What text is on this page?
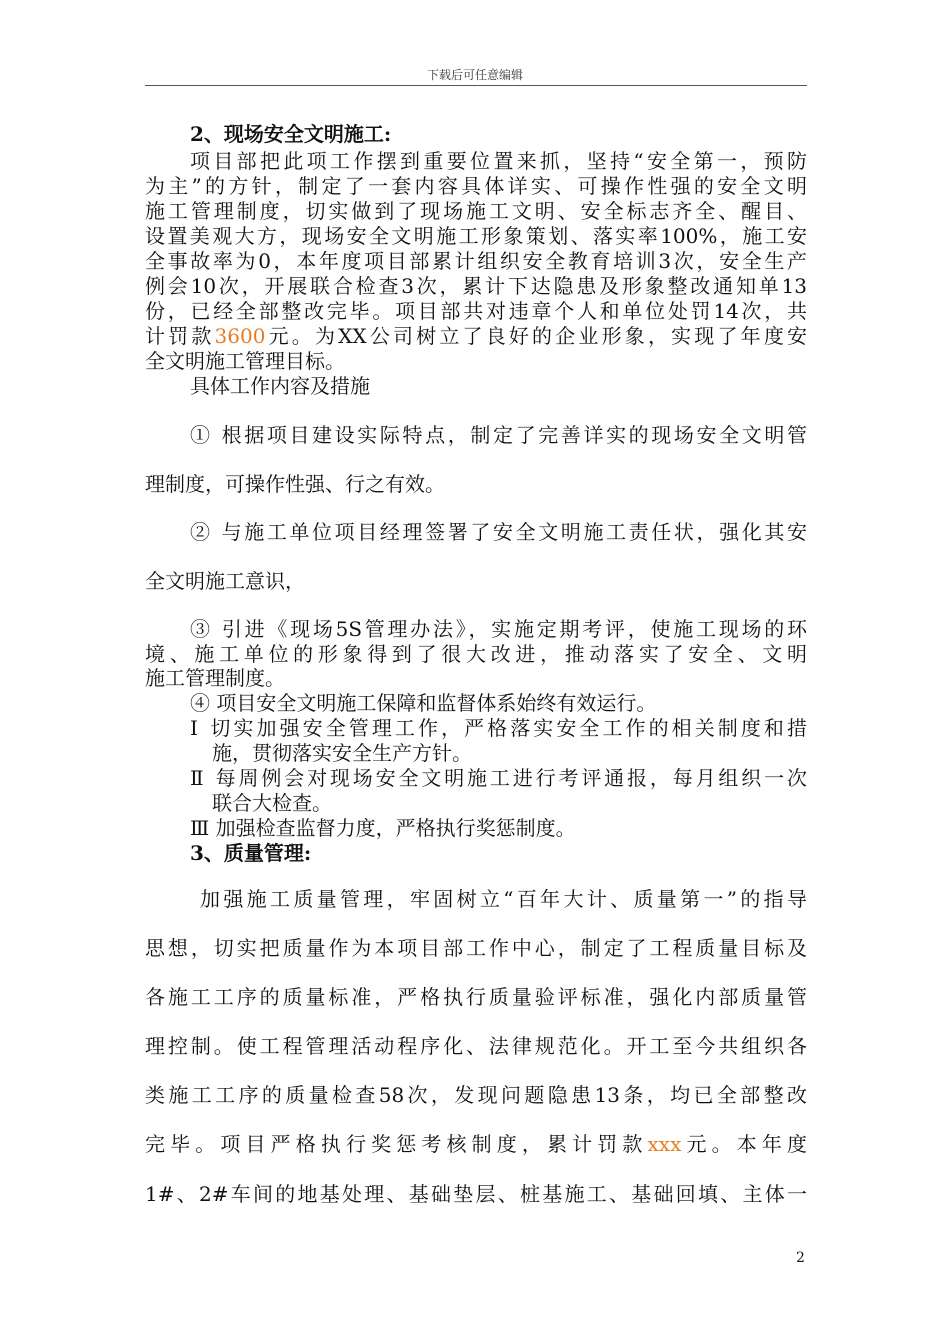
下载后可任意编辑
2、现场安全文明施工:
项目部把此项工作摆到重要位置来抓，坚持“安全第一，预防
为主”的方针，制定了一套内容具体详实、可操作性强的安全文明
施工管理制度，切实做到了现场施工文明、安全标志齐全、醒目、
设置美观大方，现场安全文明施工形象策划、落实率100%，施工安
全事故率为0，本年度项目部累计组织安全教育培训3次，安全生产
例会10次，开展联合检查3次，累计下达隐患及形象整改通知单13
份，已经全部整改完毕。项目部共对违章个人和单位处罚14次，共
计罚款3600元。为XX公司树立了良好的企业形象，实现了年度安
全文明施工管理目标。
具体工作内容及措施
① 根据项目建设实际特点，制定了完善详实的现场安全文明管
理制度，可操作性强、行之有效。
② 与施工单位项目经理签署了安全文明施工责任状，强化其安
全文明施工意识，
③ 引进《现场5S管理办法》，实施定期考评，使施工现场的环
境、施工单位的形象得到了很大改进，推动落实了安全、文明
施工管理制度。
④ 项目安全文明施工保障和监督体系始终有效运行。
Ⅰ 切实加强安全管理工作，严格落实安全工作的相关制度和措
施，贯彻落实安全生产方针。
Ⅱ 每周例会对现场安全文明施工进行考评通报，每月组织一次
联合大检查。
Ⅲ 加强检查监督力度，严格执行奖惩制度。
3、质量管理:
加强施工质量管理，牢固树立“百年大计、质量第一”的指导
思想，切实把质量作为本项目部工作中心，制定了工程质量目标及
各施工工序的质量标准，严格执行质量验评标准，强化内部质量管
理控制。使工程管理活动程序化、法律规范化。开工至今共组织各
类施工工序的质量检查58次，发现问题隐患13条，均已全部整改
完毕。项目严格执行奖惩考核制度，累计罚款xxx元。本年度
1#、2#车间的地基处理、基础垫层、桩基施工、基础回填、主体一
2
